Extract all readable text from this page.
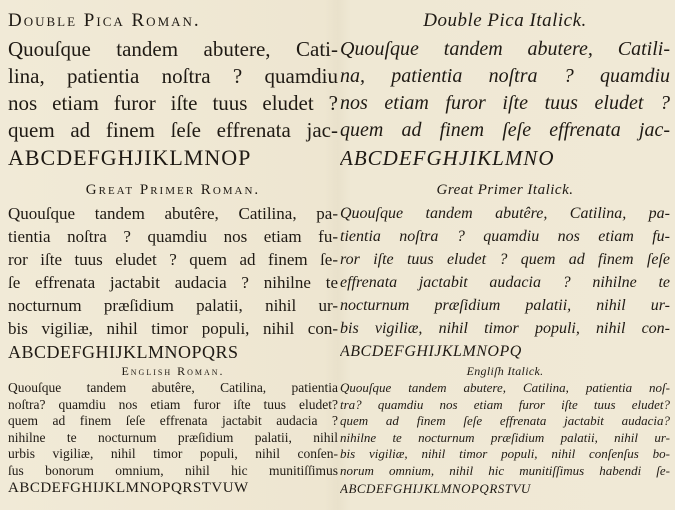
Double Pica Roman.
Quouſque tandem abutere, Cati-
lina, patientia noſtra ? quamdiu
nos etiam furor iſte tuus eludet ?
quem ad finem ſeſe effrenata jac-
ABCDEFGHJIKLMNOP
Great Primer Roman.
Quouſque tandem abutêre, Catilina, pa-
tientia noſtra ? quamdiu nos etiam fu-
ror iſte tuus eludet ? quem ad finem ſe-
ſe effrenata jactabit audacia ? nihilne te
nocturnum præſidium palatii, nihil ur-
bis vigiliæ, nihil timor populi, nihil con-
ABCDEFGHIJKLMNOPQRS
English Roman.
Quouſque tandem abutêre, Catilina, patientia
noſtra? quamdiu nos etiam furor iſte tuus eludet?
quem ad finem ſeſe effrenata jactabit audacia ?
nihilne te nocturnum præſidium palatii, nihil
urbis vigiliæ, nihil timor populi, nihil conſen-
ſus bonorum omnium, nihil hic munitiſſimus
ABCDEFGHIJKLMNOPQRSTVUW
Double Pica Italick.
Quouſque tandem abutere, Catili-
na, patientia noſtra ? quamdiu
nos etiam furor iſte tuus eludet ?
quem ad finem ſeſe effrenata jac-
ABCDEFGHJIKLMNO
Great Primer Italick.
Quouſque tandem abutêre, Catilina, pa-
tientia noſtra ? quamdiu nos etiam fu-
ror iſte tuus eludet ? quem ad finem ſeſe
effrenata jactabit audacia ? nihilne te
nocturnum præſidium palatii, nihil ur-
bis vigiliæ, nihil timor populi, nihil con-
ABCDEFGHIJKLMNOPQ
Engliſh Italick.
Quouſque tandem abutere, Catilina, patientia noſ-
tra? quamdiu nos etiam furor iſte tuus eludet?
quem ad finem ſeſe effrenata jactabit audacia?
nihilne te nocturnum præſidium palatii, nihil ur-
bis vigiliæ, nihil timor populi, nihil conſenſus bo-
norum omnium, nihil hic munitiſſimus habendi ſe-
ABCDEFGHIJKLMNOPQRSTVU
